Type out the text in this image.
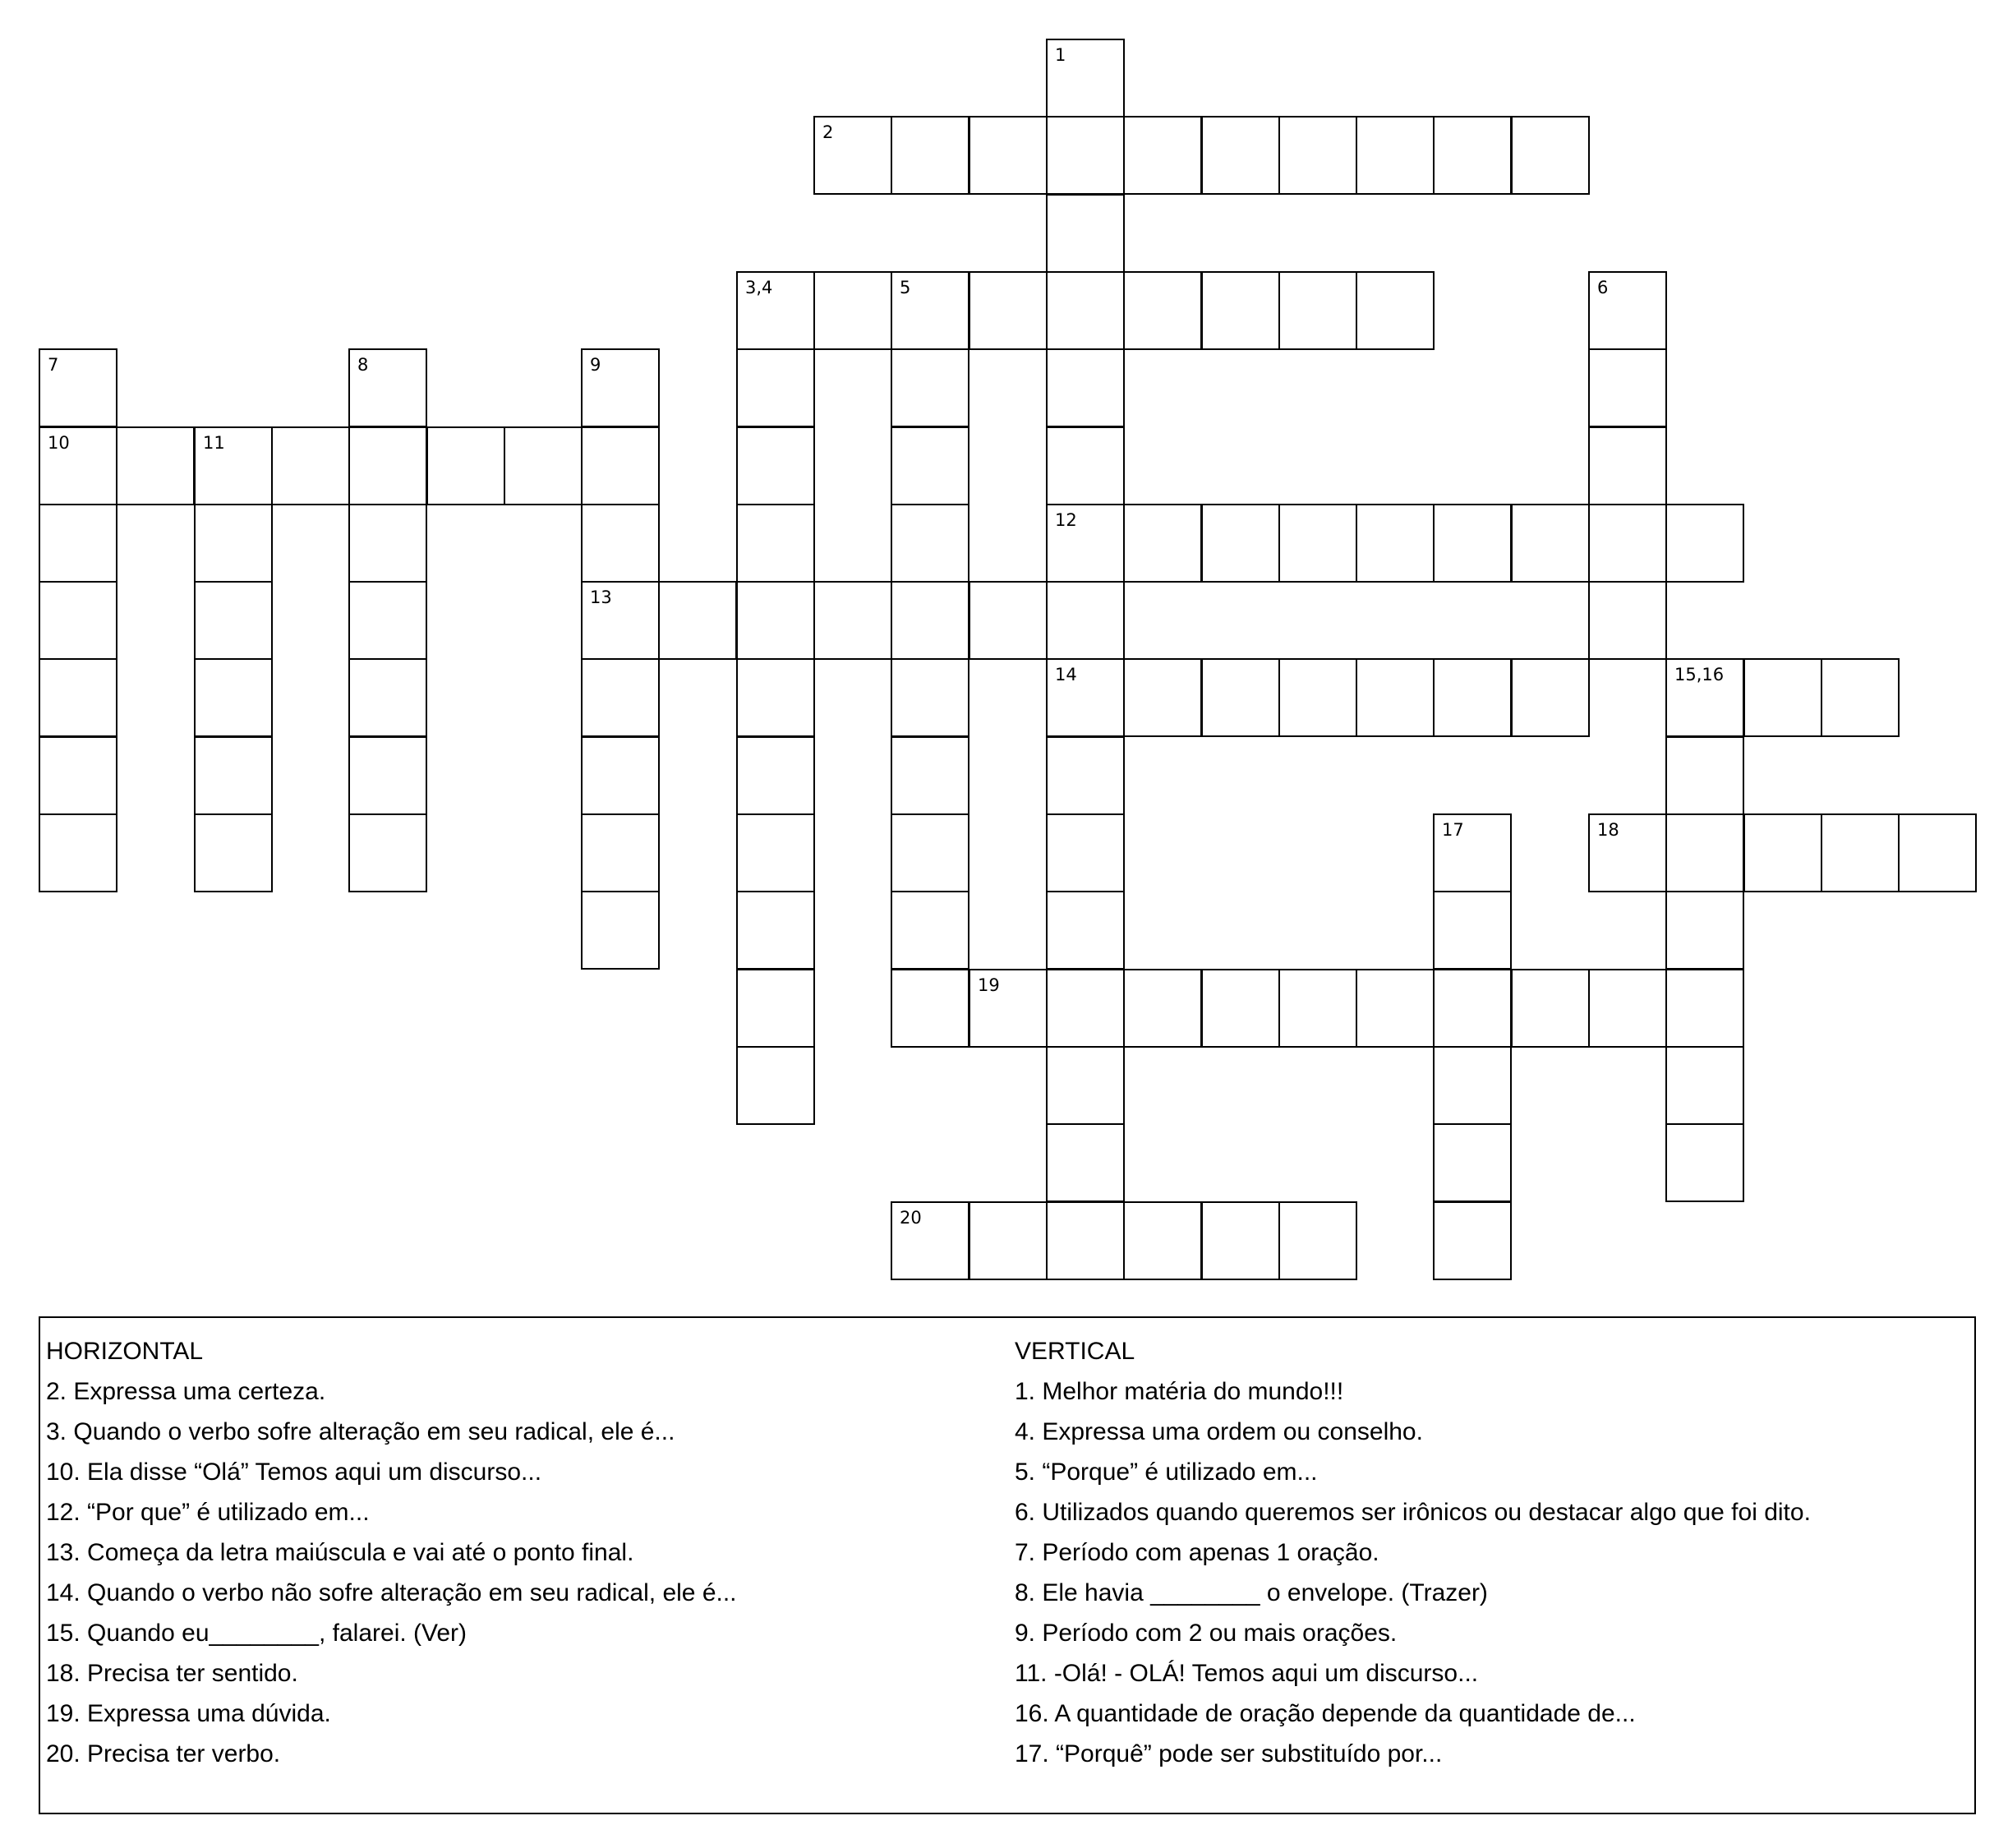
2
3,4	5
10	11
12
13
14	15,16
18
19
20
1
6
7	8	9
17
HORIZONTAL
2. Expressa uma certeza.
3. Quando o verbo sofre alteração em seu radical, ele é...
10. Ela disse “Olá” Temos aqui um discurso...
12. “Por que” é utilizado em...
13. Começa da letra maiúscula e vai até o ponto final.
14. Quando o verbo não sofre alteração em seu radical, ele é...
15. Quando eu________, falarei. (Ver)
18. Precisa ter sentido.
19. Expressa uma dúvida.
20. Precisa ter verbo.
VERTICAL
1. Melhor matéria do mundo!!!
4. Expressa uma ordem ou conselho.
5. “Porque” é utilizado em...
6. Utilizados quando queremos ser irônicos ou destacar algo que foi dito.
7. Período com apenas 1 oração.
8. Ele havia ________ o envelope. (Trazer)
9. Período com 2 ou mais orações.
11. -Olá! - OLÁ! Temos aqui um discurso...
16. A quantidade de oração depende da quantidade de...
17. “Porquê” pode ser substituído por...
